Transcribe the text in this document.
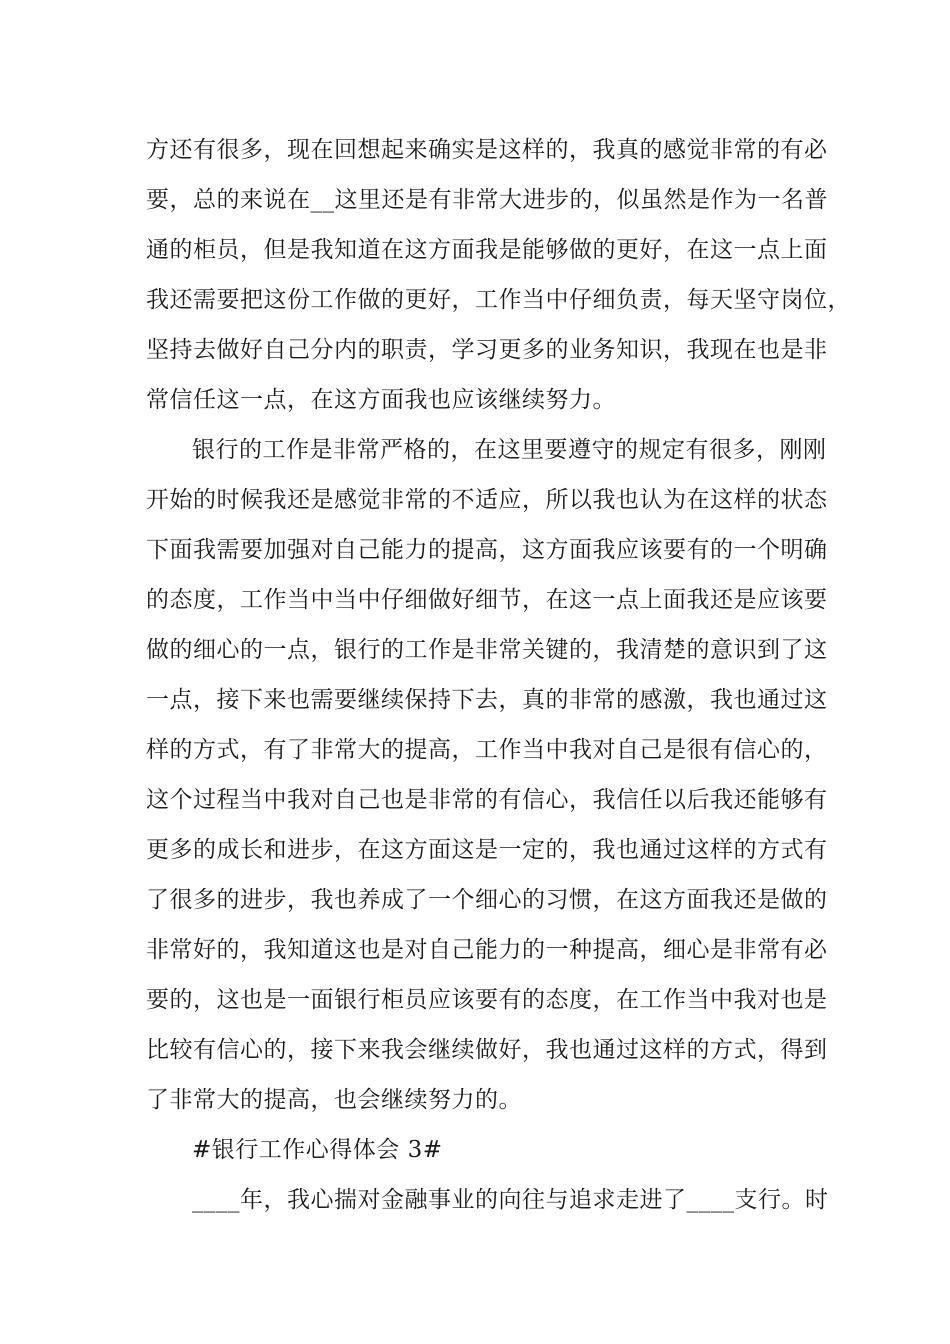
方还有很多，现在回想起来确实是这样的，我真的感觉非常的有必
要，总的来说在__这里还是有非常大进步的，似虽然是作为一名普
通的柜员，但是我知道在这方面我是能够做的更好，在这一点上面
我还需要把这份工作做的更好，工作当中仔细负责，每天坚守岗位，
坚持去做好自己分内的职责，学习更多的业务知识，我现在也是非
常信任这一点，在这方面我也应该继续努力。
银行的工作是非常严格的，在这里要遵守的规定有很多，刚刚
开始的时候我还是感觉非常的不适应，所以我也认为在这样的状态
下面我需要加强对自己能力的提高，这方面我应该要有的一个明确
的态度，工作当中当中仔细做好细节，在这一点上面我还是应该要
做的细心的一点，银行的工作是非常关键的，我清楚的意识到了这
一点，接下来也需要继续保持下去，真的非常的感激，我也通过这
样的方式，有了非常大的提高，工作当中我对自己是很有信心的，
这个过程当中我对自己也是非常的有信心，我信任以后我还能够有
更多的成长和进步，在这方面这是一定的，我也通过这样的方式有
了很多的进步，我也养成了一个细心的习惯，在这方面我还是做的
非常好的，我知道这也是对自己能力的一种提高，细心是非常有必
要的，这也是一面银行柜员应该要有的态度，在工作当中我对也是
比较有信心的，接下来我会继续做好，我也通过这样的方式，得到
了非常大的提高，也会继续努力的。
#银行工作心得体会 3#
____年，我心揣对金融事业的向往与追求走进了____支行。时
